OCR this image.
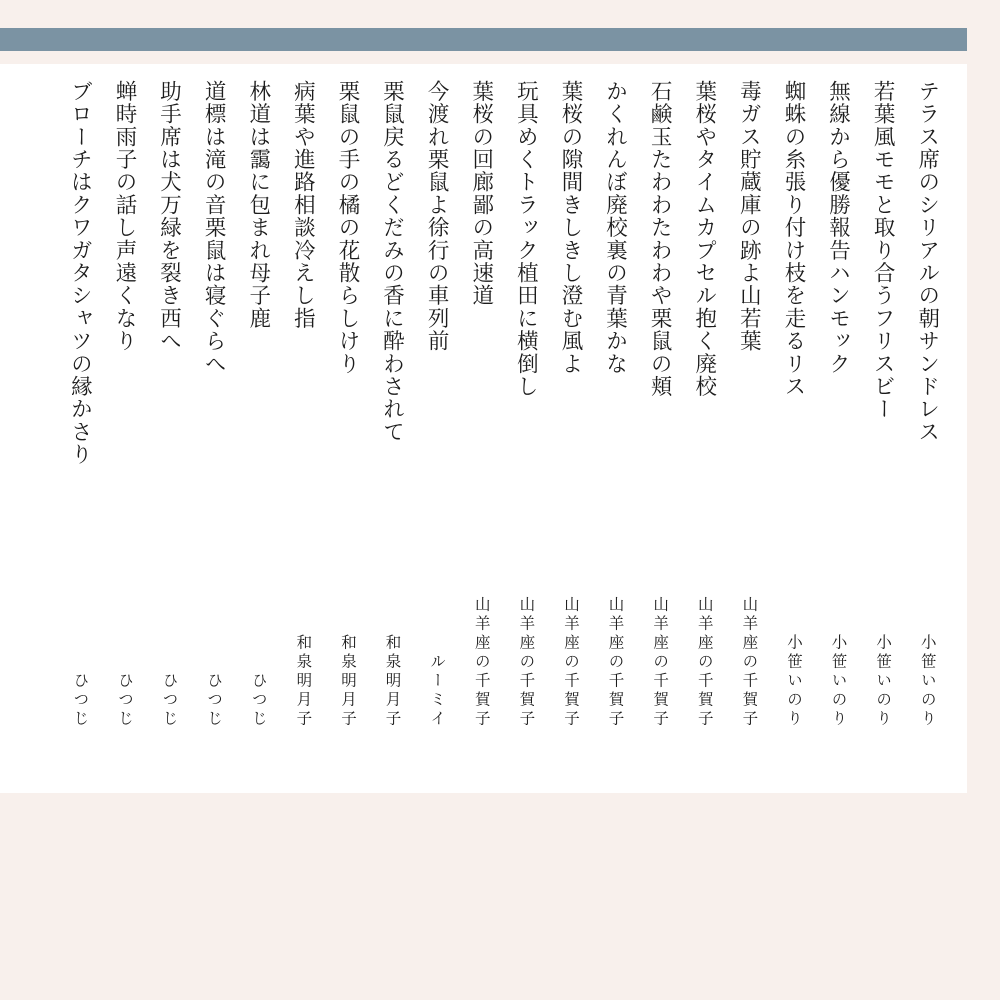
テラス席のシリアルの朝サンドレス
小笹いのり
若葉風モモと取り合うフリスビー
小笹いのり
無線から優勝報告ハンモック
小笹いのり
蜘蛛の糸張り付け枝を走るリス
小笹いのり
毒ガス貯蔵庫の跡よ山若葉
山羊座の千賀子
葉桜やタイムカプセル抱く廃校
山羊座の千賀子
石鹸玉たわわたわわや栗鼠の頬
山羊座の千賀子
かくれんぼ廃校裏の青葉かな
山羊座の千賀子
葉桜の隙間きしきし澄む風よ
山羊座の千賀子
玩具めくトラック植田に横倒し
山羊座の千賀子
葉桜の回廊鄙の高速道
山羊座の千賀子
今渡れ栗鼠よ徐行の車列前
ルーミイ
栗鼠戻るどくだみの香に酔わされて
和泉明月子
栗鼠の手の橘の花散らしけり
和泉明月子
病葉や進路相談冷えし指
和泉明月子
林道は靄に包まれ母子鹿
ひつじ
道標は滝の音栗鼠は寝ぐらへ
ひつじ
助手席は犬万緑を裂き西へ
ひつじ
蝉時雨子の話し声遠くなり
ひつじ
ブローチはクワガタシャツの縁かさり
ひつじ
